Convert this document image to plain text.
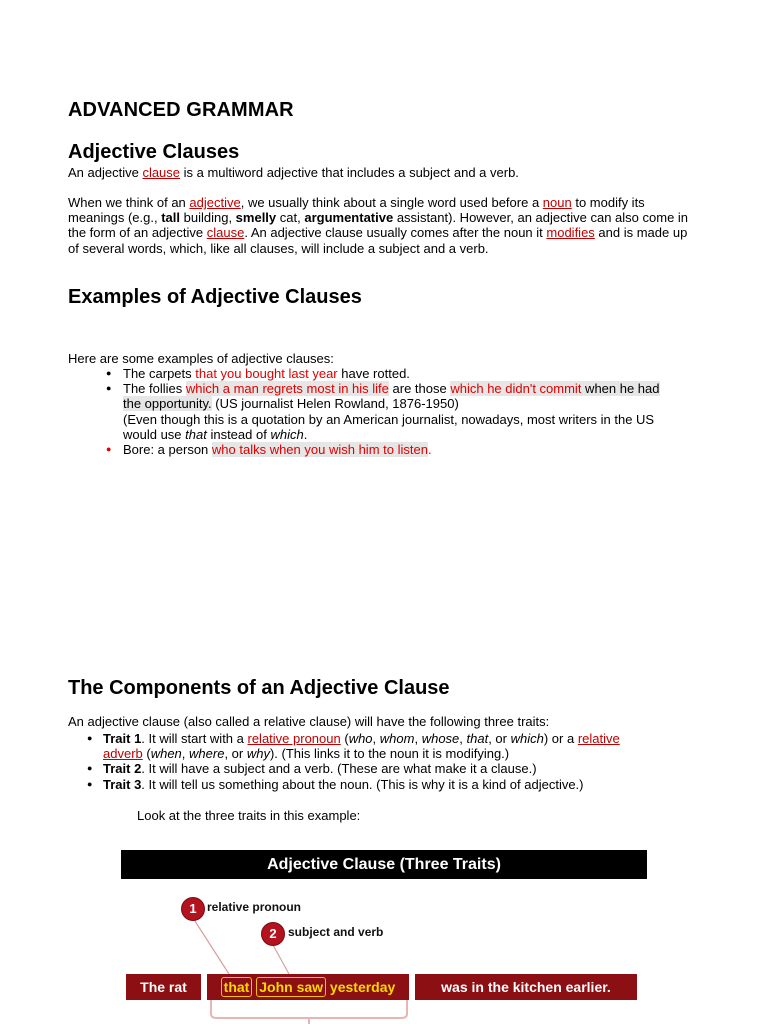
ADVANCED GRAMMAR
Adjective Clauses

An adjective clause is a multiword adjective that includes a subject and a verb.

When we think of an adjective, we usually think about a single word used before a noun to modify its meanings (e.g., tall building, smelly cat, argumentative assistant). However, an adjective can also come in the form of an adjective clause. An adjective clause usually comes after the noun it modifies and is made up of several words, which, like all clauses, will include a subject and a verb.

Examples of Adjective Clauses

Here are some examples of adjective clauses:

● The carpets that you bought last year have rotted.
● The follies which a man regrets most in his life are those which he didn't commit when he had the opportunity. (US journalist Helen Rowland, 1876-1950)
(Even though this is a quotation by an American journalist, nowadays, most writers in the US would use that instead of which.
● Bore: a person who talks when you wish him to listen.
The Components of an Adjective Clause

An adjective clause (also called a relative clause) will have the following three traits:

● Trait 1. It will start with a relative pronoun (who, whom, whose, that, or which) or a relative adverb (when, where, or why). (This links it to the noun it is modifying.)
● Trait 2. It will have a subject and a verb. (These are what make it a clause.)
● Trait 3. It will tell us something about the noun. (This is why it is a kind of adjective.)

Look at the three traits in this example:

Adjective Clause (Three Traits)
1 relative pronoun
2 subject and verb
The rat	that John saw yesterday	was in the kitchen earlier.
